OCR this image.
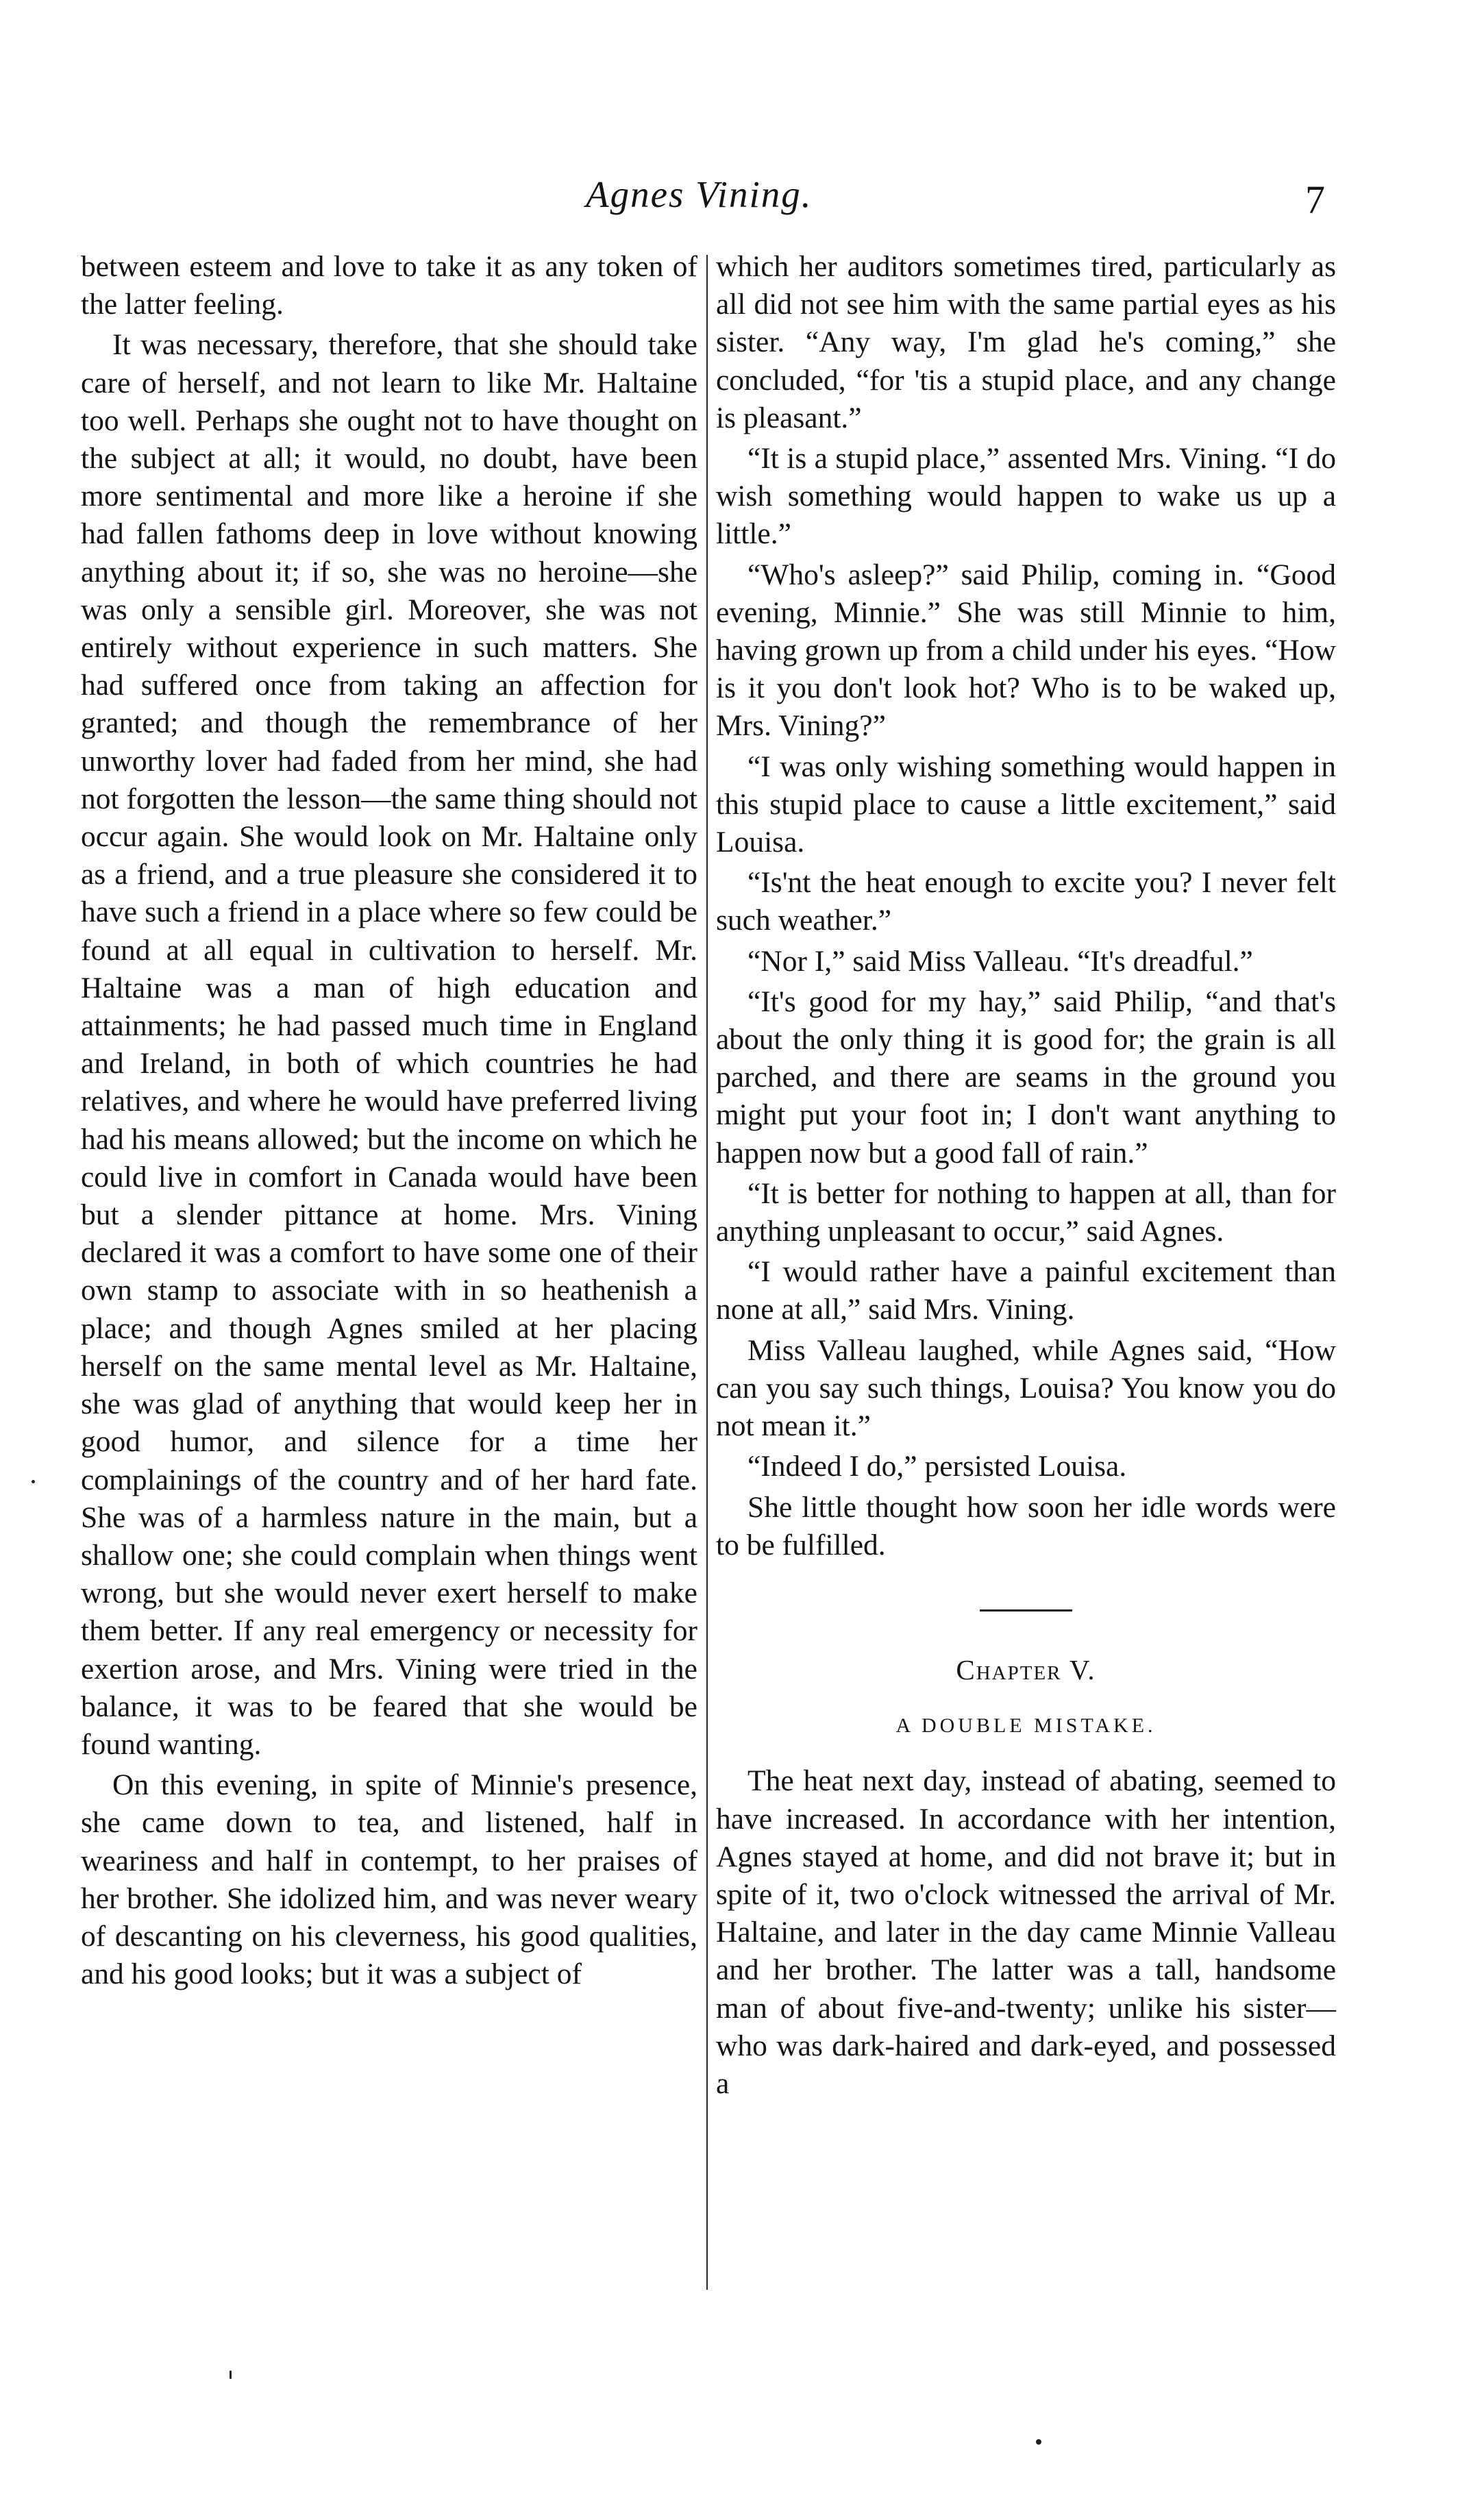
Agnes Vining.	7

between esteem and love to take it as any token of the latter feeling.

It was necessary, therefore, that she should take care of herself, and not learn to like Mr. Haltaine too well. Perhaps she ought not to have thought on the subject at all; it would, no doubt, have been more sentimental and more like a heroine if she had fallen fathoms deep in love without knowing anything about it; if so, she was no heroine—she was only a sensible girl. Moreover, she was not entirely without experience in such matters. She had suffered once from taking an affection for granted; and though the remembrance of her unworthy lover had faded from her mind, she had not forgotten the lesson—the same thing should not occur again. She would look on Mr. Haltaine only as a friend, and a true pleasure she considered it to have such a friend in a place where so few could be found at all equal in cultivation to herself. Mr. Haltaine was a man of high education and attainments; he had passed much time in England and Ireland, in both of which countries he had relatives, and where he would have preferred living had his means allowed; but the income on which he could live in comfort in Canada would have been but a slender pittance at home. Mrs. Vining declared it was a comfort to have some one of their own stamp to associate with in so heathenish a place; and though Agnes smiled at her placing herself on the same mental level as Mr. Haltaine, she was glad of anything that would keep her in good humor, and silence for a time her complainings of the country and of her hard fate. She was of a harmless nature in the main, but a shallow one; she could complain when things went wrong, but she would never exert herself to make them better. If any real emergency or necessity for exertion arose, and Mrs. Vining were tried in the balance, it was to be feared that she would be found wanting.

On this evening, in spite of Minnie's presence, she came down to tea, and listened, half in weariness and half in contempt, to her praises of her brother. She idolized him, and was never weary of descanting on his cleverness, his good qualities, and his good looks; but it was a subject of

which her auditors sometimes tired, particularly as all did not see him with the same partial eyes as his sister. “Any way, I'm glad he's coming,” she concluded, “for 'tis a stupid place, and any change is pleasant.”

“It is a stupid place,” assented Mrs. Vining. “I do wish something would happen to wake us up a little.”

“Who's asleep?” said Philip, coming in. “Good evening, Minnie.” She was still Minnie to him, having grown up from a child under his eyes. “How is it you don't look hot? Who is to be waked up, Mrs. Vining?”

“I was only wishing something would happen in this stupid place to cause a little excitement,” said Louisa.

“Is'nt the heat enough to excite you? I never felt such weather.”

“Nor I,” said Miss Valleau. “It's dreadful.”

“It's good for my hay,” said Philip, “and that's about the only thing it is good for; the grain is all parched, and there are seams in the ground you might put your foot in; I don't want anything to happen now but a good fall of rain.”

“It is better for nothing to happen at all, than for anything unpleasant to occur,” said Agnes.

“I would rather have a painful excitement than none at all,” said Mrs. Vining.

Miss Valleau laughed, while Agnes said, “How can you say such things, Louisa? You know you do not mean it.”

“Indeed I do,” persisted Louisa.

She little thought how soon her idle words were to be fulfilled.

Chapter V.
A DOUBLE MISTAKE.

The heat next day, instead of abating, seemed to have increased. In accordance with her intention, Agnes stayed at home, and did not brave it; but in spite of it, two o'clock witnessed the arrival of Mr. Haltaine, and later in the day came Minnie Valleau and her brother. The latter was a tall, handsome man of about five-and-twenty; unlike his sister—who was dark-haired and dark-eyed, and possessed a
